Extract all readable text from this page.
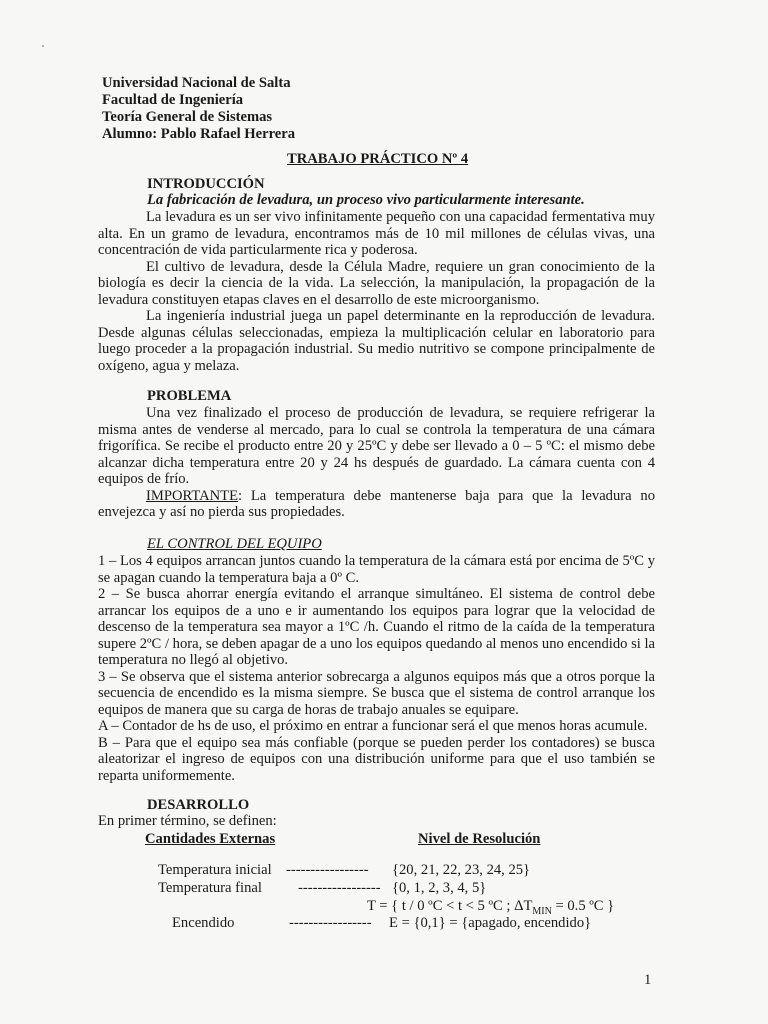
Universidad Nacional de Salta
Facultad de Ingeniería
Teoría General de Sistemas
Alumno: Pablo Rafael Herrera
TRABAJO PRÁCTICO Nº 4
INTRODUCCIÓN
La fabricación de levadura, un proceso vivo particularmente interesante.

La levadura es un ser vivo infinitamente pequeño con una capacidad fermentativa muy alta. En un gramo de levadura, encontramos más de 10 mil millones de células vivas, una concentración de vida particularmente rica y poderosa.

El cultivo de levadura, desde la Célula Madre, requiere un gran conocimiento de la biología es decir la ciencia de la vida. La selección, la manipulación, la propagación de la levadura constituyen etapas claves en el desarrollo de este microorganismo.

La ingeniería industrial juega un papel determinante en la reproducción de levadura. Desde algunas células seleccionadas, empieza la multiplicación celular en laboratorio para luego proceder a la propagación industrial. Su medio nutritivo se compone principalmente de oxígeno, agua y melaza.

PROBLEMA

Una vez finalizado el proceso de producción de levadura, se requiere refrigerar la misma antes de venderse al mercado, para lo cual se controla la temperatura de una cámara frigorífica. Se recibe el producto entre 20 y 25ºC y debe ser llevado a 0 – 5 ºC: el mismo debe alcanzar dicha temperatura entre 20 y 24 hs después de guardado. La cámara cuenta con 4 equipos de frío.

IMPORTANTE: La temperatura debe mantenerse baja para que la levadura no envejezca y así no pierda sus propiedades.

EL CONTROL DEL EQUIPO

1 – Los 4 equipos arrancan juntos cuando la temperatura de la cámara está por encima de 5ºC y se apagan cuando la temperatura baja a 0º C.

2 – Se busca ahorrar energía evitando el arranque simultáneo. El sistema de control debe arrancar los equipos de a uno e ir aumentando los equipos para lograr que la velocidad de descenso de la temperatura sea mayor a 1ºC /h. Cuando el ritmo de la caída de la temperatura supere 2ºC / hora, se deben apagar de a uno los equipos quedando al menos uno encendido si la temperatura no llegó al objetivo.

3 – Se observa que el sistema anterior sobrecarga a algunos equipos más que a otros porque la secuencia de encendido es la misma siempre. Se busca que el sistema de control arranque los equipos de manera que su carga de horas de trabajo anuales se equipare.

A – Contador de hs de uso, el próximo en entrar a funcionar será el que menos horas acumule.

B – Para que el equipo sea más confiable (porque se pueden perder los contadores) se busca aleatorizar el ingreso de equipos con una distribución uniforme para que el uso también se reparta uniformemente.

DESARROLLO
En primer término, se definen:
Cantidades Externas	Nivel de Resolución
Temperatura inicial ----------------- {20, 21, 22, 23, 24, 25}
Temperatura final ----------------- {0, 1, 2, 3, 4, 5}
T = { t / 0 ºC < t < 5 ºC ; $\Delta T_{MIN} = 0.5$ ºC }
Encendido	----------------- E = {0,1} = {apagado, encendido}
1
